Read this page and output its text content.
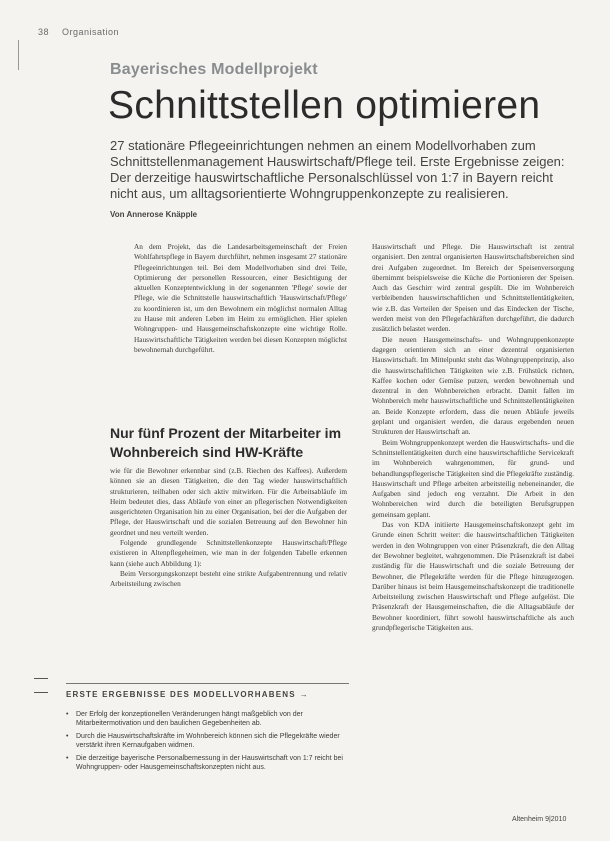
38 Organisation
Bayerisches Modellprojekt
Schnittstellen optimieren
27 stationäre Pflegeeinrichtungen nehmen an einem Modellvorhaben zum Schnittstellenmanagement Hauswirtschaft/Pflege teil. Erste Ergebnisse zeigen: Der derzeitige hauswirtschaftliche Personalschlüssel von 1:7 in Bayern reicht nicht aus, um alltagsorientierte Wohngruppenkonzepte zu realisieren.
Von Annerose Knäpple

An dem Projekt, das die Landesarbeitsgemeinschaft der Freien Wohlfahrtspflege in Bayern durchführt, nehmen insgesamt 27 stationäre Pflegeeinrichtungen teil. Bei dem Modellvorhaben sind drei Teile, Optimierung der personellen Ressourcen, einer Besichtigung der aktuellen Konzeptentwicklung in der sogenannten 'Pflege' sowie der Pflege, wie die Schnittstelle hauswirtschaftlich 'Hauswirtschaft/Pflege' zu koordinieren ist, um den Bewohnern ein möglichst normalen Alltag zu Hause mit anderen Leben im Heim zu ermöglichen. Hier spielen Wohngruppen- und Hausgemeinschaftskonzepte eine wichtige Rolle. Hauswirtschaftliche Tätigkeiten werden bei diesen Konzepten möglichst bewohnernah durchgeführt.

Nur fünf Prozent der Mitarbeiter im Wohnbereich sind HW-Kräfte

wie für die Bewohner erkennbar sind (z.B. Riechen des Kaffees). Außerdem können sie an diesen Tätigkeiten, die den Tag wieder hauswirtschaftlich strukturieren, teilhaben oder sich aktiv mitwirken. Für die Arbeitsabläufe im Heim bedeutet dies, dass Abläufe von einer an pflegerischen Notwendigkeiten ausgerichteten Organisation hin zu einer Organisation, bei der die Aufgaben der Pflege, der Hauswirtschaft und die sozialen Betreuung auf den Bewohner hin geordnet und neu verteilt werden.

Folgende grundlegende Schnittstellenkonzepte Hauswirtschaft/Pflege existieren in Altenpflegeheimen, wie man in der folgenden Tabelle erkennen kann (siehe auch Abbildung 1):

Beim Versorgungskonzept besteht eine strikte Aufgabentrennung und relativ Arbeitsteilung zwischen

Hauswirtschaft und Pflege. Die Hauswirtschaft ist zentral organisiert. Den zentral organisierten Hauswirtschaftsbereichen sind drei Aufgaben zugeordnet. Im Bereich der Speisenversorgung übernimmt beispielsweise die Küche die Portionieren der Speisen. Auch das Geschirr wird zentral gespült. Die im Wohnbereich verbleibenden hauswirtschaftlichen und Schnittstellentätigkeiten, wie z.B. das Verteilen der Speisen und das Eindecken der Tische, werden meist von den Pflegefachkräften durchgeführt, die dadurch zusätzlich belastet werden.

Die neuen Hausgemeinschafts- und Wohngruppenkonzepte dagegen orientieren sich an einer dezentral organisierten Hauswirtschaft. Im Mittelpunkt steht das Wohngruppenprinzip, also die hauswirtschaftlichen Tätigkeiten wie z.B. Frühstück richten, Kaffee kochen oder Gemüse putzen, werden bewohnernah und dezentral in den Wohnbereichen erbracht. Damit fallen im Wohnbereich mehr hauswirtschaftliche und Schnittstellentätigkeiten an. Beide Konzepte erfordern, dass die neuen Abläufe jeweils geplant und organisiert werden, die daraus ergebenden neuen Strukturen der Hauswirtschaft an.

Beim Wohngruppenkonzept werden die Hauswirtschafts- und die Schnittstellentätigkeiten durch eine hauswirtschaftliche Servicekraft im Wohnbereich wahrgenommen, für grund- und behandlungspflegerische Tätigkeiten sind die Pflegekräfte zuständig. Hauswirtschaft und Pflege arbeiten arbeitsteilig nebeneinander, die Aufgaben sind jedoch eng verzahnt. Die Arbeit in den Wohnbereichen wird durch die beteiligten Berufsgruppen gemeinsam geplant.

Das von KDA initiierte Hausgemeinschaftskonzept geht im Grunde einen Schritt weiter: die hauswirtschaftlichen Tätigkeiten werden in den Wohngruppen von einer Präsenzkraft, die den Alltag der Bewohner begleitet, wahrgenommen. Die Präsenzkraft ist dabei zuständig für die Hauswirtschaft und die soziale Betreuung der Bewohner, die Pflegekräfte werden für die Pflege hinzugezogen. Darüber hinaus ist beim Hausgemeinschaftskonzept die traditionelle Arbeitsteilung zwischen Hauswirtschaft und Pflege aufgelöst. Die Präsenzkraft der Hausgemeinschaften, die die Alltagsabläufe der Bewohner koordiniert, führt sowohl hauswirtschaftliche als auch grundpflegerische Tätigkeiten aus.

ERSTE ERGEBNISSE DES MODELLVORHABENS →
• Der Erfolg der konzeptionellen Veränderungen hängt maßgeblich von der Mitarbeitermotivation und den baulichen Gegebenheiten ab.
• Durch die Hauswirtschaftskräfte im Wohnbereich können sich die Pflegekräfte wieder verstärkt ihren Kernaufgaben widmen.
• Die derzeitige bayerische Personalbemessung in der Hauswirtschaft von 1:7 reicht bei Wohngruppen- oder Hausgemeinschaftskonzepten nicht aus.
Altenheim 9|2010
